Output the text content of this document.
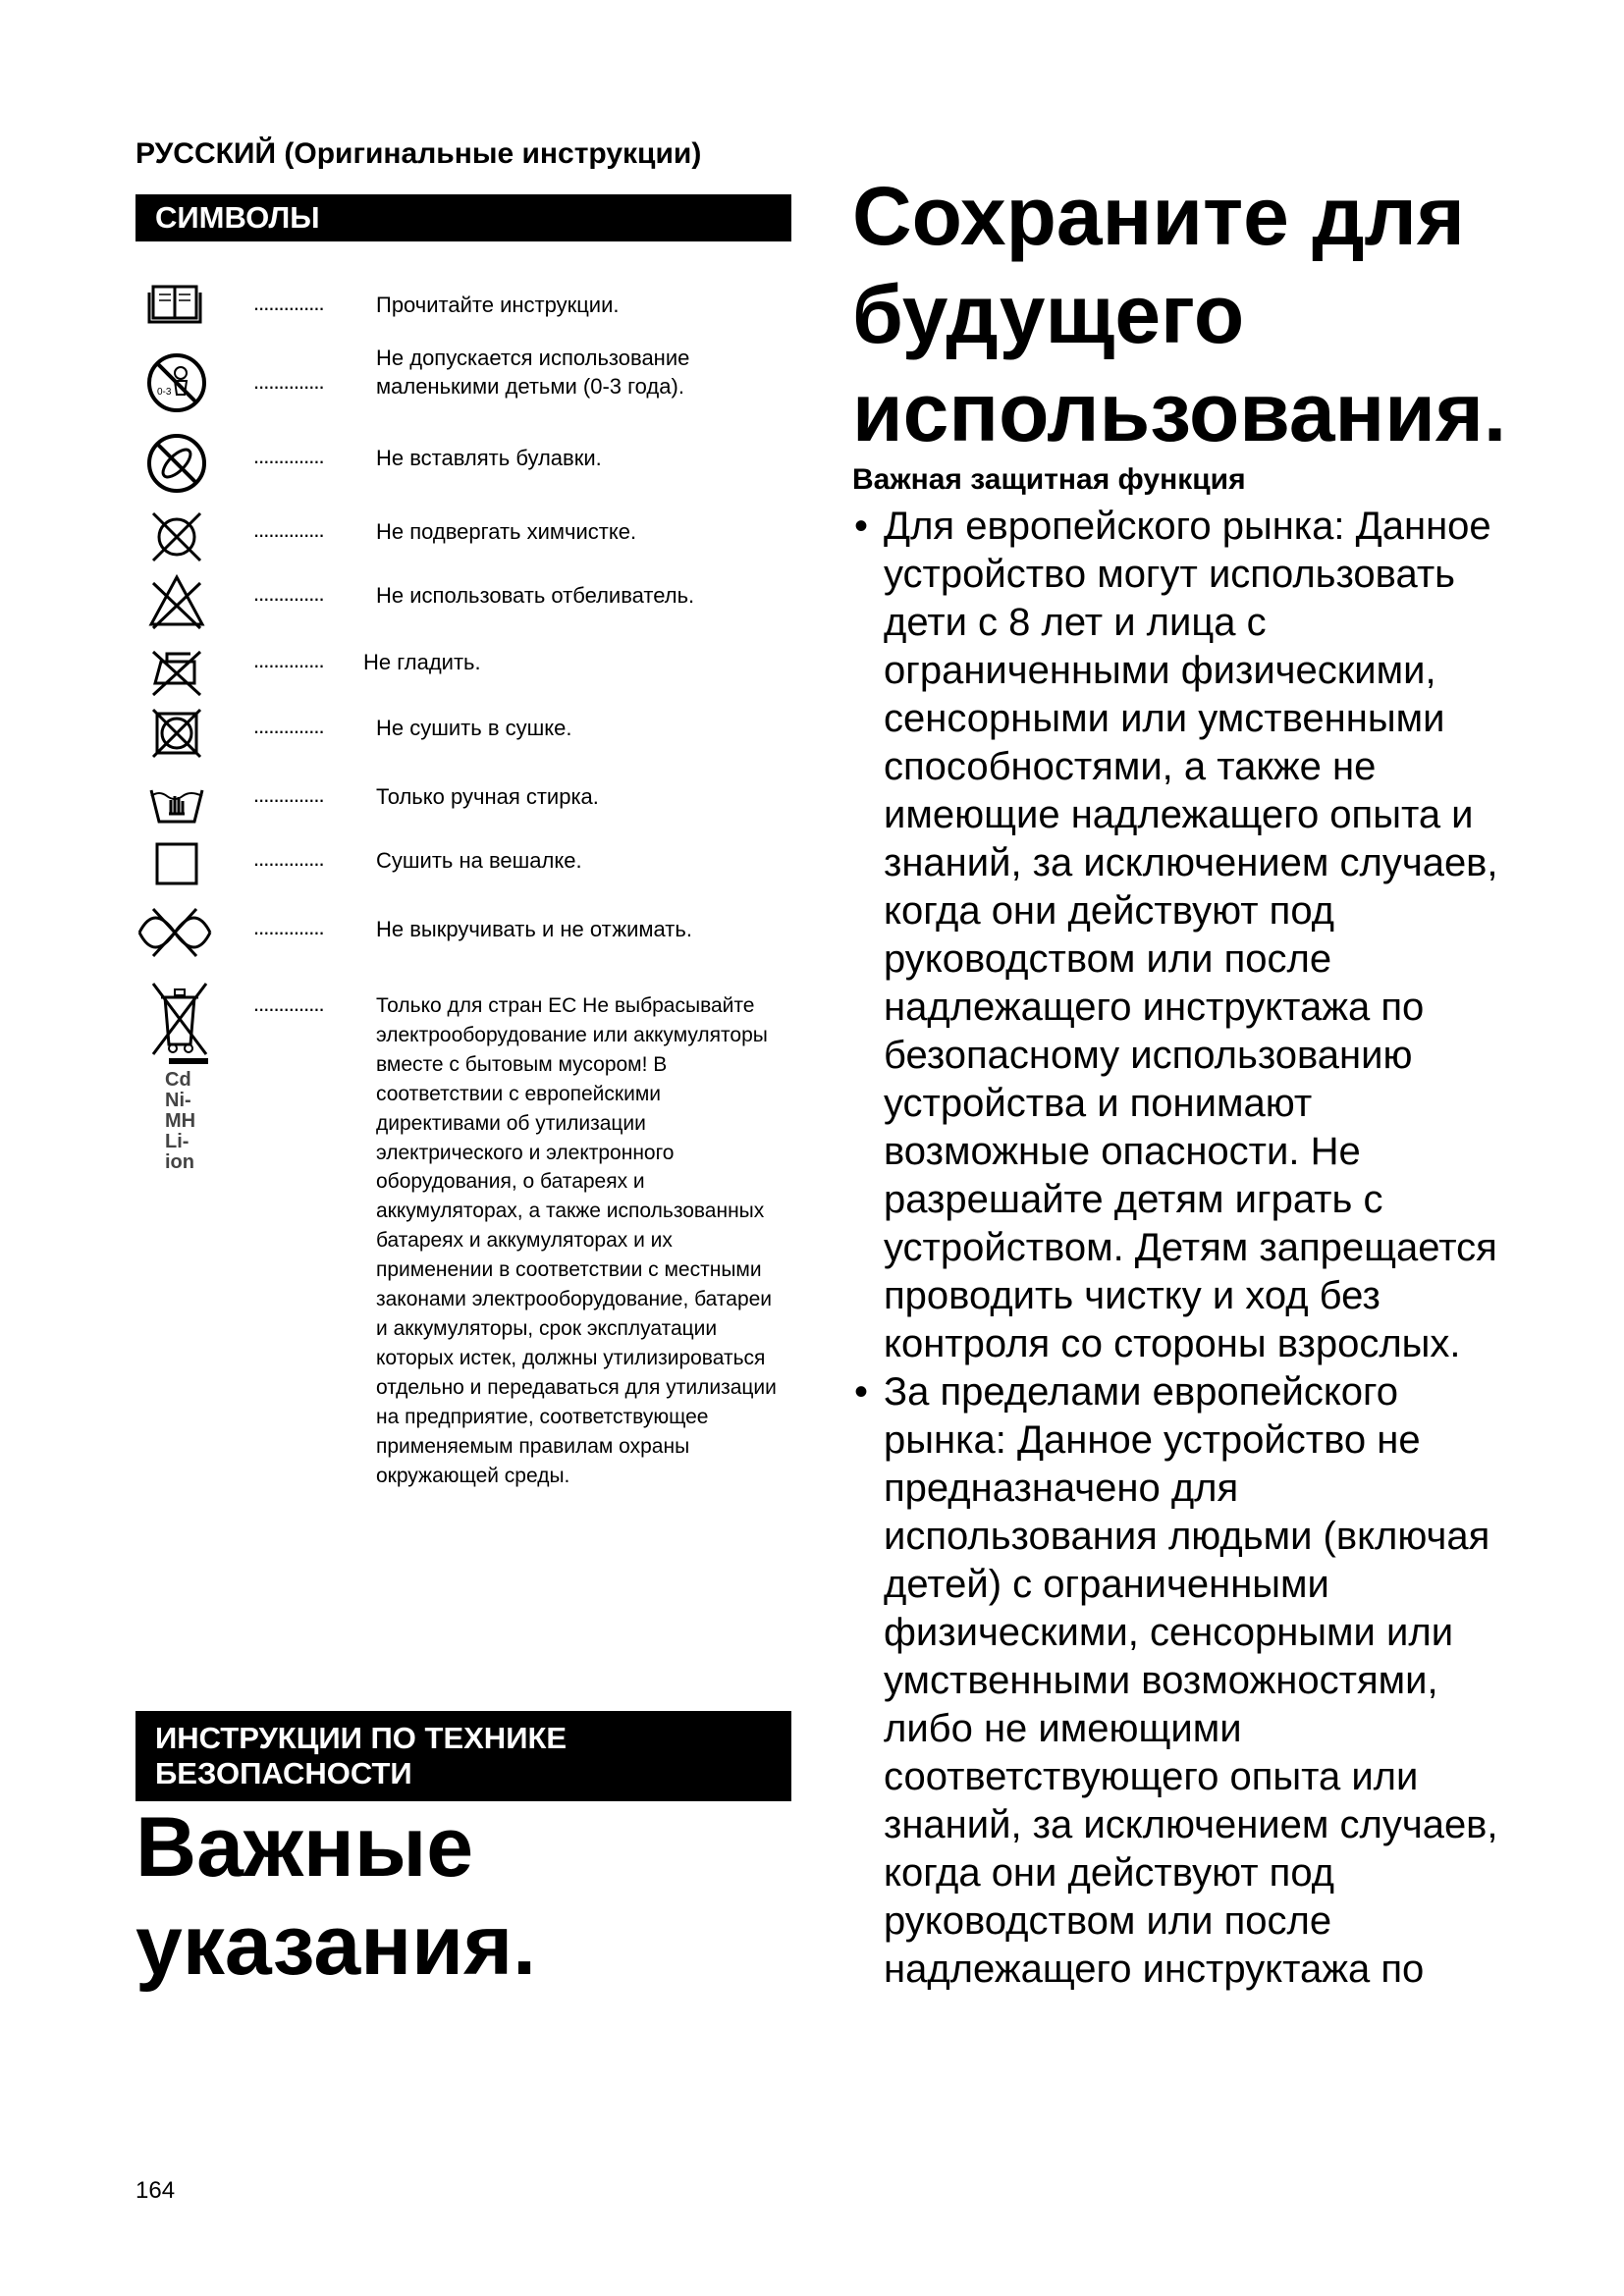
РУССКИЙ (Оригинальные инструкции)
СИМВОЛЫ
.............. Прочитайте инструкции.
0-3	..............
Не допускается использование маленькими детьми (0-3 года).
.............. Не вставлять булавки.
.............. Не подвергать химчистке.
.............. Не использовать отбеливатель.
.............. Не гладить.
.............. Не сушить в сушке.
.............. Только ручная стирка.
.............. Сушить на вешалке.
.............. Не выкручивать и не отжимать.
Cd
Ni-MH
Li-ion
..............	Только для стран ЕС Не выбрасывайте электрооборудование или аккумуляторы вместе с бытовым мусором! В соответствии с европейскими директивами об утилизации электрического и электронного оборудования, о батареях и аккумуляторах, а также использованных батареях и аккумуляторах и их применении в соответствии с местными законами электрооборудование, батареи и аккумуляторы, срок эксплуатации которых истек, должны утилизироваться отдельно и передаваться для утилизации на предприятие, соответствующее применяемым правилам охраны окружающей среды.
ИНСТРУКЦИИ ПО ТЕХНИКЕ БЕЗОПАСНОСТИ
Важные указания.
Сохраните для будущего использования.
Важная защитная функция
• Для европейского рынка: Данное устройство могут использовать дети с 8 лет и лица с ограниченными физическими, сенсорными или умственными способностями, а также не имеющие надлежащего опыта и знаний, за исключением случаев, когда они действуют под руководством или после надлежащего инструктажа по безопасному использованию устройства и понимают возможные опасности. Не разрешайте детям играть с устройством. Детям запрещается проводить чистку и ход без контроля со стороны взрослых.
• За пределами европейского рынка: Данное устройство не предназначено для использования людьми (включая детей) с ограниченными физическими, сенсорными или умственными возможностями, либо не имеющими соответствующего опыта или знаний, за исключением случаев, когда они действуют под руководством или после надлежащего инструктажа по
164
